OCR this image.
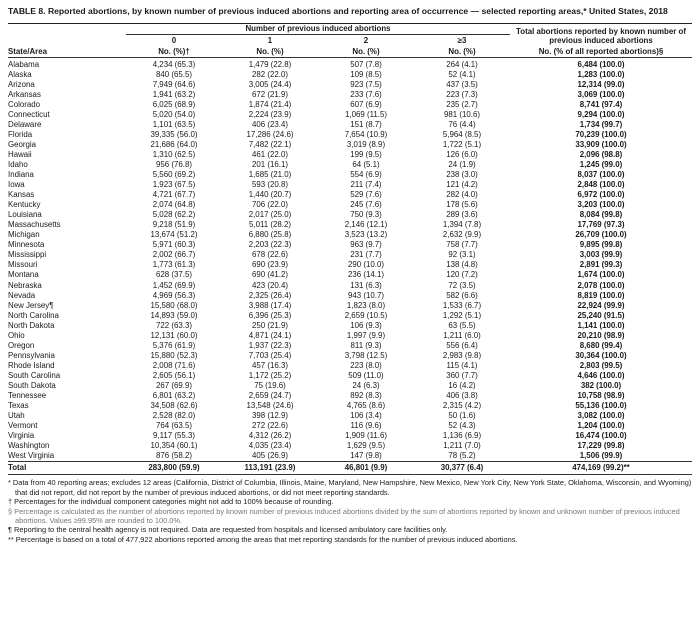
TABLE 8. Reported abortions, by known number of previous induced abortions and reporting area of occurrence — selected reporting areas,* United States, 2018
	Number of previous induced abortions				Total abortions reported by known number of previous induced abortions
	0	1	2	≥3	
State/Area	No. (%)†	No. (%)	No. (%)	No. (%)	No. (% of all reported abortions)§
Alabama	4,234 (65.3)	1,479 (22.8)	507 (7.8)	264 (4.1)	6,484 (100.0)
Alaska	840 (65.5)	282 (22.0)	109 (8.5)	52 (4.1)	1,283 (100.0)
Arizona	7,949 (64.6)	3,005 (24.4)	923 (7.5)	437 (3.5)	12,314 (99.0)
Arkansas	1,941 (63.2)	672 (21.9)	233 (7.6)	223 (7.3)	3,069 (100.0)
Colorado	6,025 (68.9)	1,874 (21.4)	607 (6.9)	235 (2.7)	8,741 (97.4)
Connecticut	5,020 (54.0)	2,224 (23.9)	1,069 (11.5)	981 (10.6)	9,294 (100.0)
Delaware	1,101 (63.5)	406 (23.4)	151 (8.7)	76 (4.4)	1,734 (99.7)
Florida	39,335 (56.0)	17,286 (24.6)	7,654 (10.9)	5,964 (8.5)	70,239 (100.0)
Georgia	21,686 (64.0)	7,482 (22.1)	3,019 (8.9)	1,722 (5.1)	33,909 (100.0)
Hawaii	1,310 (62.5)	461 (22.0)	199 (9.5)	126 (6.0)	2,096 (98.8)
Idaho	956 (76.8)	201 (16.1)	64 (5.1)	24 (1.9)	1,245 (99.0)
Indiana	5,560 (69.2)	1,685 (21.0)	554 (6.9)	238 (3.0)	8,037 (100.0)
Iowa	1,923 (67.5)	593 (20.8)	211 (7.4)	121 (4.2)	2,848 (100.0)
Kansas	4,721 (67.7)	1,440 (20.7)	529 (7.6)	282 (4.0)	6,972 (100.0)
Kentucky	2,074 (64.8)	706 (22.0)	245 (7.6)	178 (5.6)	3,203 (100.0)
Louisiana	5,028 (62.2)	2,017 (25.0)	750 (9.3)	289 (3.6)	8,084 (99.8)
Massachusetts	9,218 (51.9)	5,011 (28.2)	2,146 (12.1)	1,394 (7.8)	17,769 (97.3)
Michigan	13,674 (51.2)	6,880 (25.8)	3,523 (13.2)	2,632 (9.9)	26,709 (100.0)
Minnesota	5,971 (60.3)	2,203 (22.3)	963 (9.7)	758 (7.7)	9,895 (99.8)
Mississippi	2,002 (66.7)	678 (22.6)	231 (7.7)	92 (3.1)	3,003 (99.9)
Missouri	1,773 (61.3)	690 (23.9)	290 (10.0)	138 (4.8)	2,891 (99.3)
Montana	628 (37.5)	690 (41.2)	236 (14.1)	120 (7.2)	1,674 (100.0)
Nebraska	1,452 (69.9)	423 (20.4)	131 (6.3)	72 (3.5)	2,078 (100.0)
Nevada	4,969 (56.3)	2,325 (26.4)	943 (10.7)	582 (6.6)	8,819 (100.0)
New Jersey¶	15,580 (68.0)	3,988 (17.4)	1,823 (8.0)	1,533 (6.7)	22,924 (99.9)
North Carolina	14,893 (59.0)	6,396 (25.3)	2,659 (10.5)	1,292 (5.1)	25,240 (91.5)
North Dakota	722 (63.3)	250 (21.9)	106 (9.3)	63 (5.5)	1,141 (100.0)
Ohio	12,131 (60.0)	4,871 (24.1)	1,997 (9.9)	1,211 (6.0)	20,210 (98.9)
Oregon	5,376 (61.9)	1,937 (22.3)	811 (9.3)	556 (6.4)	8,680 (99.4)
Pennsylvania	15,880 (52.3)	7,703 (25.4)	3,798 (12.5)	2,983 (9.8)	30,364 (100.0)
Rhode Island	2,008 (71.6)	457 (16.3)	223 (8.0)	115 (4.1)	2,803 (99.5)
South Carolina	2,605 (56.1)	1,172 (25.2)	509 (11.0)	360 (7.7)	4,646 (100.0)
South Dakota	267 (69.9)	75 (19.6)	24 (6.3)	16 (4.2)	382 (100.0)
Tennessee	6,801 (63.2)	2,659 (24.7)	892 (8.3)	406 (3.8)	10,758 (98.9)
Texas	34,508 (62.6)	13,548 (24.6)	4,765 (8.6)	2,315 (4.2)	55,136 (100.0)
Utah	2,528 (82.0)	398 (12.9)	106 (3.4)	50 (1.6)	3,082 (100.0)
Vermont	764 (63.5)	272 (22.6)	116 (9.6)	52 (4.3)	1,204 (100.0)
Virginia	9,117 (55.3)	4,312 (26.2)	1,909 (11.6)	1,136 (6.9)	16,474 (100.0)
Washington	10,354 (60.1)	4,035 (23.4)	1,629 (9.5)	1,211 (7.0)	17,229 (99.8)
West Virginia	876 (58.2)	405 (26.9)	147 (9.8)	78 (5.2)	1,506 (99.9)
Total	283,800 (59.9)	113,191 (23.9)	46,801 (9.9)	30,377 (6.4)	474,169 (99.2)**
* Data from 40 reporting areas; excludes 12 areas (California, District of Columbia, Illinois, Maine, Maryland, New Hampshire, New Mexico, New York City, New York State, Oklahoma, Wisconsin, and Wyoming) that did not report, did not report by the number of previous induced abortions, or did not meet reporting standards.
† Percentages for the individual component categories might not add to 100% because of rounding.
§ Percentage is calculated as the number of abortions reported by known number of previous induced abortions divided by the sum of abortions reported by known and unknown number of previous induced abortions. Values ≥99.95% are rounded to 100.0%.
¶ Reporting to the central health agency is not required. Data are requested from hospitals and licensed ambulatory care facilities only.
** Percentage is based on a total of 477,922 abortions reported among the areas that met reporting standards for the number of previous induced abortions.
